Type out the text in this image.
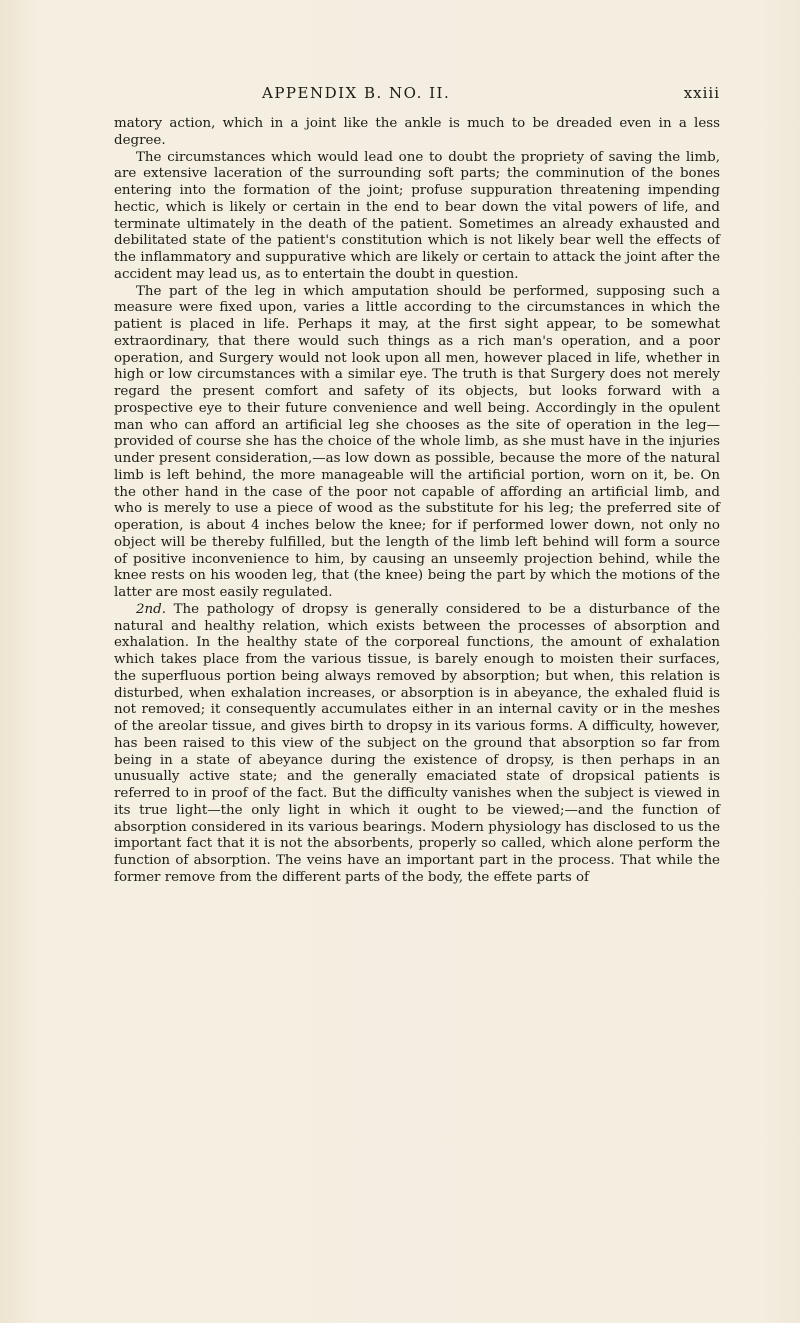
APPENDIX B. NO. II.	xxiii

matory action, which in a joint like the ankle is much to be dreaded even in a less degree.

The circumstances which would lead one to doubt the propriety of saving the limb, are extensive laceration of the surrounding soft parts; the comminution of the bones entering into the formation of the joint; profuse suppuration threatening impending hectic, which is likely or certain in the end to bear down the vital powers of life, and terminate ultimately in the death of the patient. Sometimes an already exhausted and debilitated state of the patient's constitution which is not likely bear well the effects of the inflammatory and suppurative which are likely or certain to attack the joint after the accident may lead us, as to entertain the doubt in question.

The part of the leg in which amputation should be performed, supposing such a measure were fixed upon, varies a little according to the circumstances in which the patient is placed in life. Perhaps it may, at the first sight appear, to be somewhat extraordinary, that there would such things as a rich man's operation, and a poor operation, and Surgery would not look upon all men, however placed in life, whether in high or low circumstances with a similar eye. The truth is that Surgery does not merely regard the present comfort and safety of its objects, but looks forward with a prospective eye to their future convenience and well being. Accordingly in the opulent man who can afford an artificial leg she chooses as the site of operation in the leg—provided of course she has the choice of the whole limb, as she must have in the injuries under present consideration,—as low down as possible, because the more of the natural limb is left behind, the more manageable will the artificial portion, worn on it, be. On the other hand in the case of the poor not capable of affording an artificial limb, and who is merely to use a piece of wood as the substitute for his leg; the preferred site of operation, is about 4 inches below the knee; for if performed lower down, not only no object will be thereby fulfilled, but the length of the limb left behind will form a source of positive inconvenience to him, by causing an unseemly projection behind, while the knee rests on his wooden leg, that (the knee) being the part by which the motions of the latter are most easily regulated.

2nd. The pathology of dropsy is generally considered to be a disturbance of the natural and healthy relation, which exists between the processes of absorption and exhalation. In the healthy state of the corporeal functions, the amount of exhalation which takes place from the various tissue, is barely enough to moisten their surfaces, the superfluous portion being always removed by absorption; but when, this relation is disturbed, when exhalation increases, or absorption is in abeyance, the exhaled fluid is not removed; it consequently accumulates either in an internal cavity or in the meshes of the areolar tissue, and gives birth to dropsy in its various forms. A difficulty, however, has been raised to this view of the subject on the ground that absorption so far from being in a state of abeyance during the existence of dropsy, is then perhaps in an unusually active state; and the generally emaciated state of dropsical patients is referred to in proof of the fact. But the difficulty vanishes when the subject is viewed in its true light—the only light in which it ought to be viewed;—and the function of absorption considered in its various bearings. Modern physiology has disclosed to us the important fact that it is not the absorbents, properly so called, which alone perform the function of absorption. The veins have an important part in the process. That while the former remove from the different parts of the body, the effete parts of
